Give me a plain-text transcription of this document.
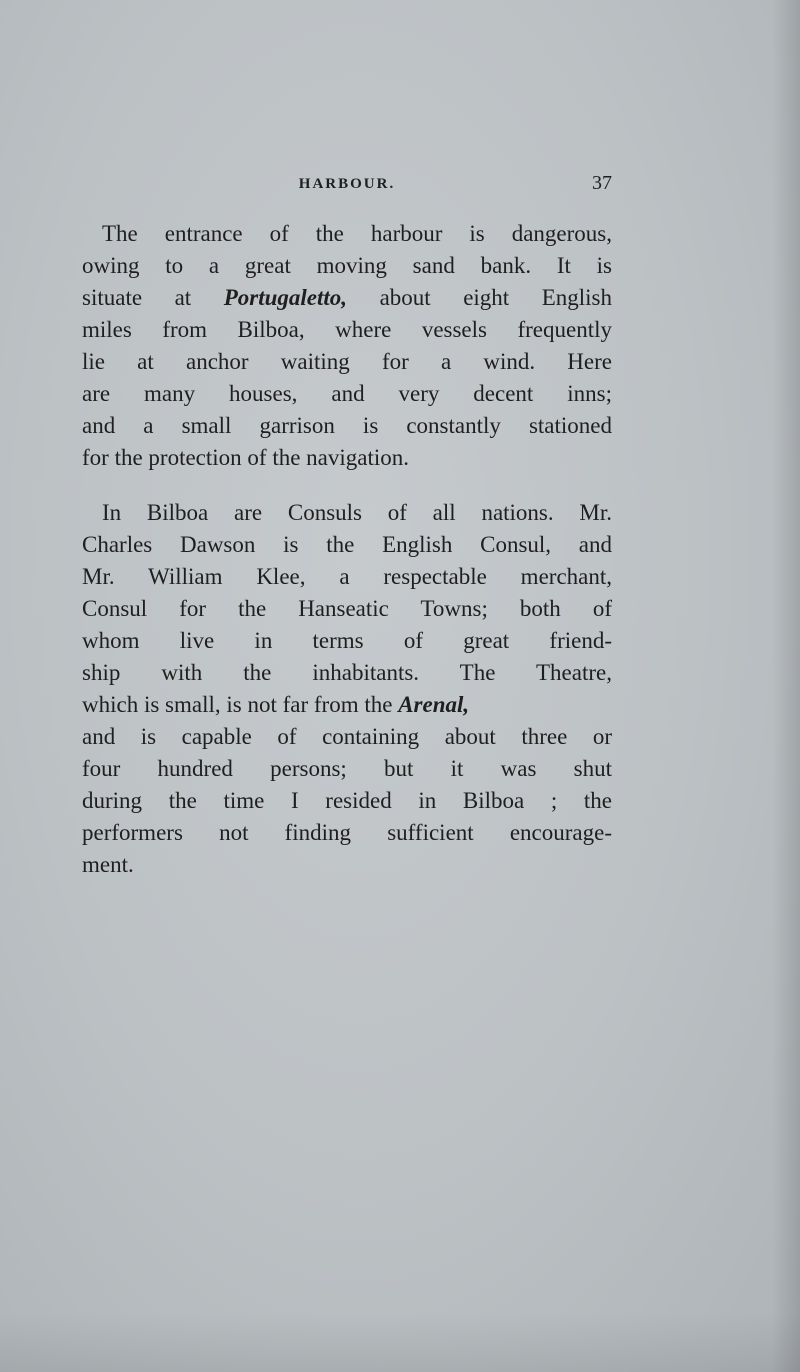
HARBOUR.	37
The entrance of the harbour is dangerous,
owing to a great moving sand bank. It is
situate at Portugaletto, about eight English
miles from Bilboa, where vessels frequently
lie at anchor waiting for a wind. Here
are many houses, and very decent inns;
and a small garrison is constantly stationed
for the protection of the navigation.
In Bilboa are Consuls of all nations. Mr.
Charles Dawson is the English Consul, and
Mr. William Klee, a respectable merchant,
Consul for the Hanseatic Towns; both of
whom live in terms of great friend-
ship with the inhabitants. The Theatre,
which is small, is not far from the Arenal,
and is capable of containing about three or
four hundred persons; but it was shut
during the time I resided in Bilboa ; the
performers not finding sufficient encourage-
ment.
